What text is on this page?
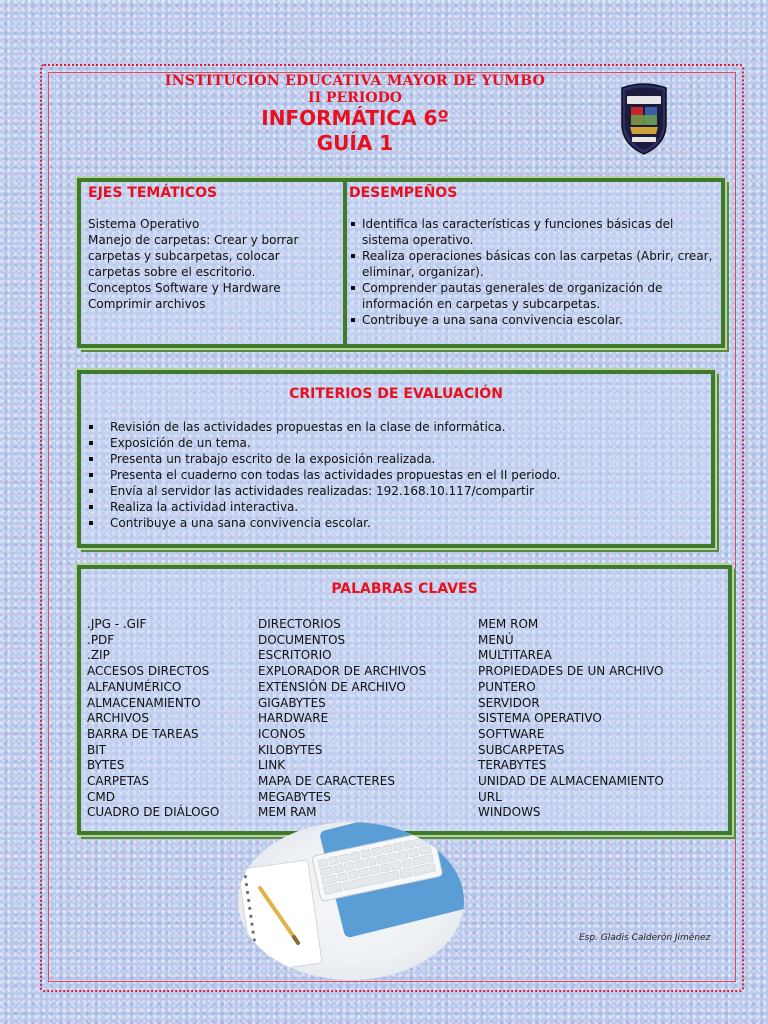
INSTITUCIÓN EDUCATIVA MAYOR DE YUMBO
II PERIODO
INFORMÁTICA 6º
GUÍA 1
EJES TEMÁTICOS
Sistema Operativo
Manejo de carpetas: Crear y borrar
carpetas y subcarpetas, colocar
carpetas sobre el escritorio.
Conceptos Software y Hardware
Comprimir archivos
DESEMPEÑOS
Identifica las características y funciones básicas del sistema operativo.
Realiza operaciones básicas con las carpetas (Abrir, crear, eliminar, organizar).
Comprender pautas generales de organización de información en carpetas y subcarpetas.
Contribuye a una sana convivencia escolar.
CRITERIOS DE EVALUACIÓN
Revisión de las actividades propuestas en la clase de informática.
Exposición de un tema.
Presenta un trabajo escrito de la exposición realizada.
Presenta el cuaderno con todas las actividades propuestas en el II periodo.
Envía al servidor las actividades realizadas: 192.168.10.117/compartir
Realiza la actividad interactiva.
Contribuye a una sana convivencia escolar.
PALABRAS CLAVES
.JPG - .GIF
.PDF
.ZIP
ACCESOS DIRECTOS
ALFANUMÉRICO
ALMACENAMIENTO
ARCHIVOS
BARRA DE TAREAS
BIT
BYTES
CARPETAS
CMD
CUADRO DE DIÁLOGO
DIRECTORIOS
DOCUMENTOS
ESCRITORIO
EXPLORADOR DE ARCHIVOS
EXTENSIÓN DE ARCHIVO
GIGABYTES
HARDWARE
ICONOS
KILOBYTES
LINK
MAPA DE CARACTERES
MEGABYTES
MEM RAM
MEM ROM
MENÚ
MULTITAREA
PROPIEDADES DE UN ARCHIVO
PUNTERO
SERVIDOR
SISTEMA OPERATIVO
SOFTWARE
SUBCARPETAS
TERABYTES
UNIDAD DE ALMACENAMIENTO
URL
WINDOWS
Esp. Gladis Calderón Jiménez
